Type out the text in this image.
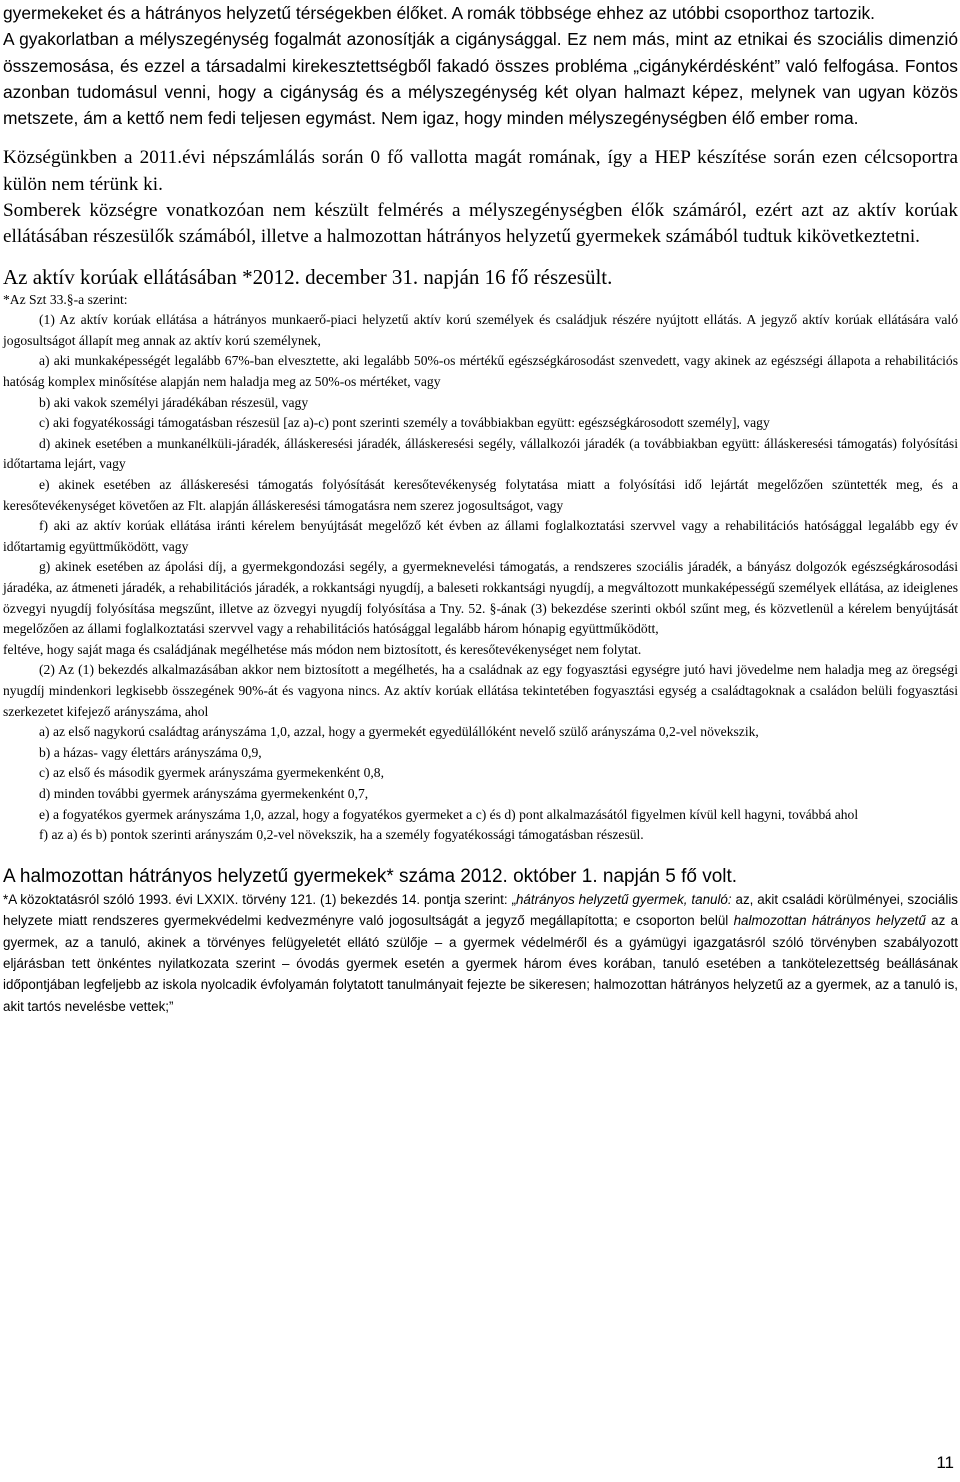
gyermekeket és a hátrányos helyzetű térségekben élőket. A romák többsége ehhez az utóbbi csoporthoz tartozik.

A gyakorlatban a mélyszegénység fogalmát azonosítják a cigánysággal. Ez nem más, mint az etnikai és szociális dimenzió összemosása, és ezzel a társadalmi kirekesztettségből fakadó összes probléma „cigánykérdésként” való felfogása. Fontos azonban tudomásul venni, hogy a cigányság és a mélyszegénység két olyan halmazt képez, melynek van ugyan közös metszete, ám a kettő nem fedi teljesen egymást. Nem igaz, hogy minden mélyszegénységben élő ember roma.

Községünkben a 2011.évi népszámlálás során 0 fő vallotta magát romának, így a HEP készítése során ezen célcsoportra külön nem térünk ki.

Somberek községre vonatkozóan nem készült felmérés a mélyszegénységben élők számáról, ezért azt az aktív korúak ellátásában részesülők számából, illetve a halmozottan hátrányos helyzetű gyermekek számából tudtuk kikövetkeztetni.

Az aktív korúak ellátásában *2012. december 31. napján 16 fő részesült.

*Az Szt 33.§-a szerint:

(1) Az aktív korúak ellátása a hátrányos munkaerő-piaci helyzetű aktív korú személyek és családjuk részére nyújtott ellátás. A jegyző aktív korúak ellátására való jogosultságot állapít meg annak az aktív korú személynek,

a) aki munkaképességét legalább 67%-ban elvesztette, aki legalább 50%-os mértékű egészségkárosodást szenvedett, vagy akinek az egészségi állapota a rehabilitációs hatóság komplex minősítése alapján nem haladja meg az 50%-os mértéket, vagy

b) aki vakok személyi járadékában részesül, vagy

c) aki fogyatékossági támogatásban részesül [az a)-c) pont szerinti személy a továbbiakban együtt: egészségkárosodott személy], vagy

d) akinek esetében a munkanélküli-járadék, álláskeresési járadék, álláskeresési segély, vállalkozói járadék (a továbbiakban együtt: álláskeresési támogatás) folyósítási időtartama lejárt, vagy

e) akinek esetében az álláskeresési támogatás folyósítását keresőtevékenység folytatása miatt a folyósítási idő lejártát megelőzően szüntették meg, és a keresőtevékenységet követően az Flt. alapján álláskeresési támogatásra nem szerez jogosultságot, vagy

f) aki az aktív korúak ellátása iránti kérelem benyújtását megelőző két évben az állami foglalkoztatási szervvel vagy a rehabilitációs hatósággal legalább egy év időtartamig együttműködött, vagy

g) akinek esetében az ápolási díj, a gyermekgondozási segély, a gyermeknevelési támogatás, a rendszeres szociális járadék, a bányász dolgozók egészségkárosodási járadéka, az átmeneti járadék, a rehabilitációs járadék, a rokkantsági nyugdíj, a baleseti rokkantsági nyugdíj, a megváltozott munkaképességű személyek ellátása, az ideiglenes özvegyi nyugdíj folyósítása megszűnt, illetve az özvegyi nyugdíj folyósítása a Tny. 52. §-ának (3) bekezdése szerinti okból szűnt meg, és közvetlenül a kérelem benyújtását megelőzően az állami foglalkoztatási szervvel vagy a rehabilitációs hatósággal legalább három hónapig együttműködött,

feltéve, hogy saját maga és családjának megélhetése más módon nem biztosított, és keresőtevékenységet nem folytat.

(2) Az (1) bekezdés alkalmazásában akkor nem biztosított a megélhetés, ha a családnak az egy fogyasztási egységre jutó havi jövedelme nem haladja meg az öregségi nyugdíj mindenkori legkisebb összegének 90%-át és vagyona nincs. Az aktív korúak ellátása tekintetében fogyasztási egység a családtagoknak a családon belüli fogyasztási szerkezetet kifejező arányszáma, ahol

a) az első nagykorú családtag arányszáma 1,0, azzal, hogy a gyermekét egyedülállóként nevelő szülő arányszáma 0,2-vel növekszik,

b) a házas- vagy élettárs arányszáma 0,9,

c) az első és második gyermek arányszáma gyermekenként 0,8,

d) minden további gyermek arányszáma gyermekenként 0,7,

e) a fogyatékos gyermek arányszáma 1,0, azzal, hogy a fogyatékos gyermeket a c) és d) pont alkalmazásától figyelmen kívül kell hagyni, továbbá ahol

f) az a) és b) pontok szerinti arányszám 0,2-vel növekszik, ha a személy fogyatékossági támogatásban részesül.

A halmozottan hátrányos helyzetű gyermekek* száma 2012. október 1. napján 5 fő volt.

*A közoktatásról szóló 1993. évi LXXIX. törvény 121. (1) bekezdés 14. pontja szerint: „hátrányos helyzetű gyermek, tanuló: az, akit családi körülményei, szociális helyzete miatt rendszeres gyermekvédelmi kedvezményre való jogosultságát a jegyző megállapította; e csoporton belül halmozottan hátrányos helyzetű az a gyermek, az a tanuló, akinek a törvényes felügyeletét ellátó szülője – a gyermek védelméről és a gyámügyi igazgatásról szóló törvényben szabályozott eljárásban tett önkéntes nyilatkozata szerint – óvodás gyermek esetén a gyermek három éves korában, tanuló esetében a tankötelezettség beállásának időpontjában legfeljebb az iskola nyolcadik évfolyamán folytatott tanulmányait fejezte be sikeresen; halmozottan hátrányos helyzetű az a gyermek, az a tanuló is, akit tartós nevelésbe vettek;”

11
